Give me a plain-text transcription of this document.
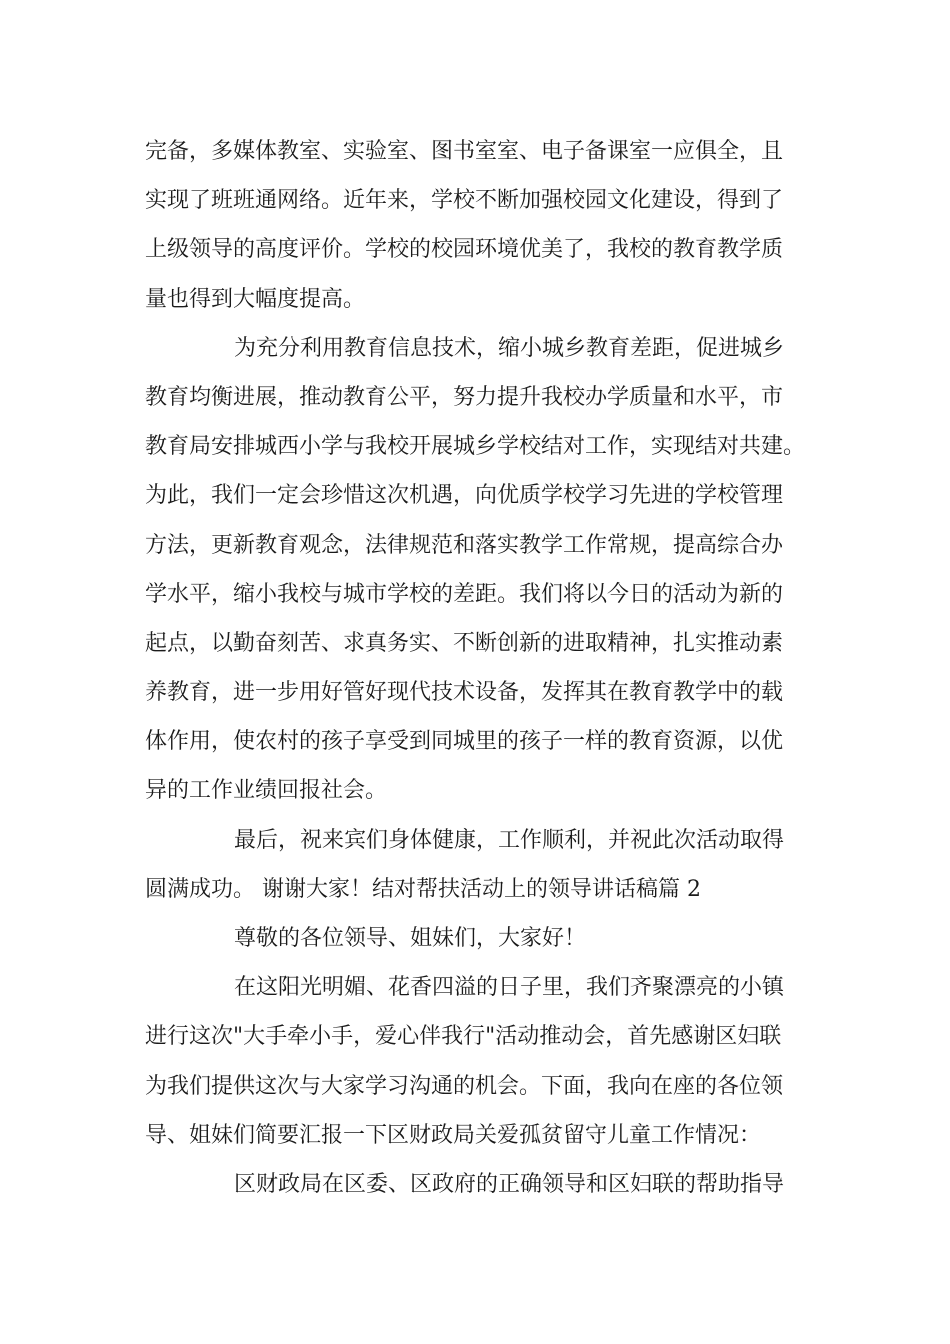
完备，多媒体教室、实验室、图书室室、电子备课室一应俱全，且
实现了班班通网络。近年来，学校不断加强校园文化建设，得到了
上级领导的高度评价。学校的校园环境优美了，我校的教育教学质
量也得到大幅度提高。
为充分利用教育信息技术，缩小城乡教育差距，促进城乡
教育均衡进展，推动教育公平，努力提升我校办学质量和水平，市
教育局安排城西小学与我校开展城乡学校结对工作，实现结对共建。
为此，我们一定会珍惜这次机遇，向优质学校学习先进的学校管理
方法，更新教育观念，法律规范和落实教学工作常规，提高综合办
学水平，缩小我校与城市学校的差距。我们将以今日的活动为新的
起点，以勤奋刻苦、求真务实、不断创新的进取精神，扎实推动素
养教育，进一步用好管好现代技术设备，发挥其在教育教学中的载
体作用，使农村的孩子享受到同城里的孩子一样的教育资源，以优
异的工作业绩回报社会。
最后，祝来宾们身体健康，工作顺利，并祝此次活动取得
圆满成功。 谢谢大家！结对帮扶活动上的领导讲话稿篇 2
尊敬的各位领导、姐妹们，大家好！
在这阳光明媚、花香四溢的日子里，我们齐聚漂亮的小镇
进行这次"大手牵小手，爱心伴我行"活动推动会，首先感谢区妇联
为我们提供这次与大家学习沟通的机会。下面，我向在座的各位领
导、姐妹们简要汇报一下区财政局关爱孤贫留守儿童工作情况：
区财政局在区委、区政府的正确领导和区妇联的帮助指导
